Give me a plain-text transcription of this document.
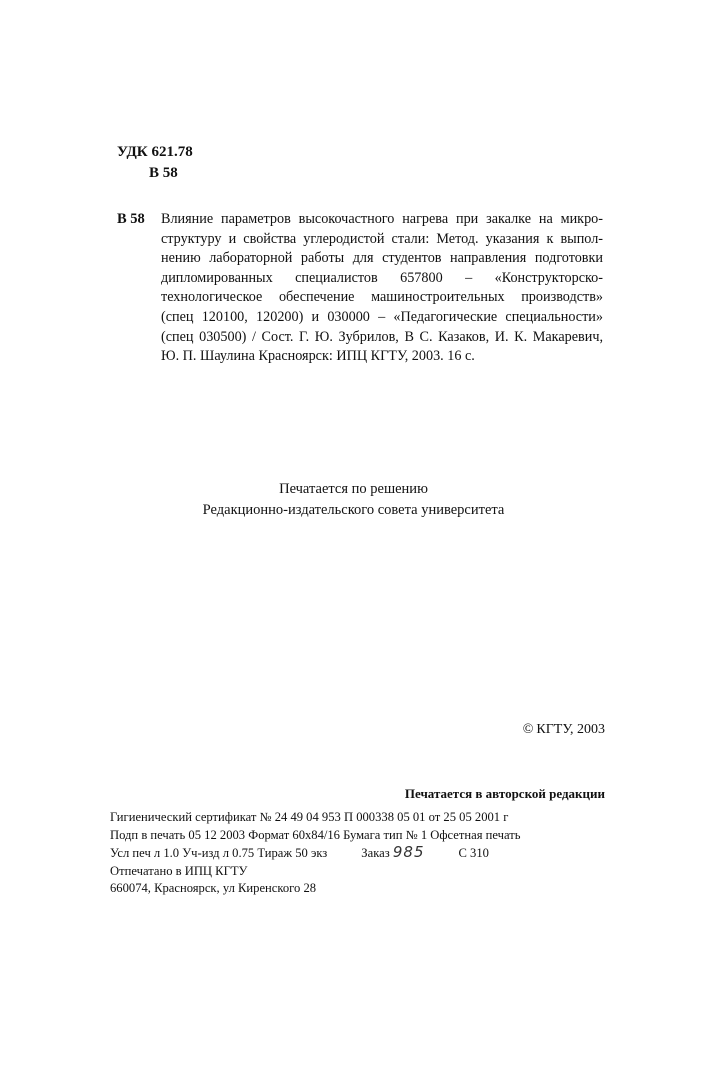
УДК 621.78
В 58
В 58 Влияние параметров высокочастного нагрева при закалке на микро-
структуру и свойства углеродистой стали: Метод. указания к выпол-
нению лабораторной работы для студентов направления подготовки
дипломированных специалистов 657800 – «Конструкторско-
технологическое обеспечение машиностроительных производств»
(спец 120100, 120200) и 030000 – «Педагогические специальности»
(спец 030500) / Сост. Г. Ю. Зубрилов, В С. Казаков, И. К. Макаревич,
Ю. П. Шаулина Красноярск: ИПЦ КГТУ, 2003. 16 с.
Печатается по решению
Редакционно-издательского совета университета
© КГТУ, 2003
Печатается в авторской редакции
Гигиенический сертификат № 24 49 04 953 П 000338 05 01 от 25 05 2001 г
Подп в печать 05 12 2003 Формат 60х84/16 Бумага тип № 1 Офсетная печать
Усл печ л 1.0 Уч-изд л 0.75 Тираж 50 экз	Заказ 985	С 310
Отпечатано в ИПЦ КГТУ
660074, Красноярск, ул Киренского 28
